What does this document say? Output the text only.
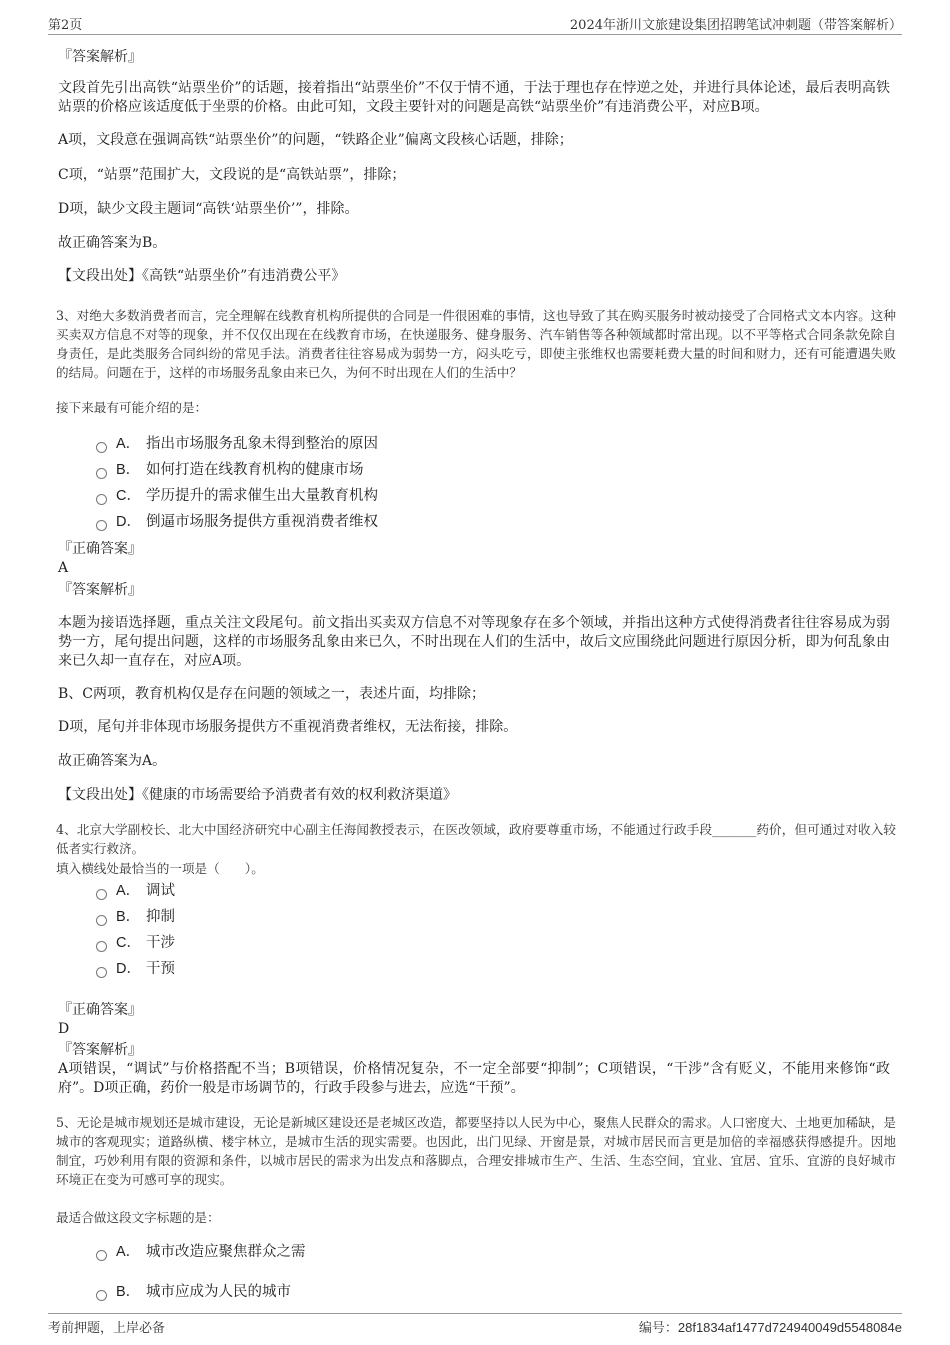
第2页	2024年浙川文旅建设集团招聘笔试冲刺题（带答案解析）
『答案解析』
文段首先引出高铁“站票坐价”的话题，接着指出“站票坐价”不仅于情不通，于法于理也存在悖逆之处，并进行具体论述，最后表明高铁站票的价格应该适度低于坐票的价格。由此可知，文段主要针对的问题是高铁“站票坐价”有违消费公平，对应B项。
A项，文段意在强调高铁“站票坐价”的问题，“铁路企业”偏离文段核心话题，排除；
C项，“站票”范围扩大，文段说的是“高铁站票”，排除；
D项，缺少文段主题词“高铁‘站票坐价’”，排除。
故正确答案为B。
【文段出处】《高铁“站票坐价”有违消费公平》
3、对绝大多数消费者而言，完全理解在线教育机构所提供的合同是一件很困难的事情，这也导致了其在购买服务时被动接受了合同格式文本内容。这种买卖双方信息不对等的现象，并不仅仅出现在在线教育市场，在快递服务、健身服务、汽车销售等各种领域都时常出现。以不平等格式合同条款免除自身责任，是此类服务合同纠纷的常见手法。消费者往往容易成为弱势一方，闷头吃亏，即使主张维权也需要耗费大量的时间和财力，还有可能遭遇失败的结局。问题在于，这样的市场服务乱象由来已久，为何不时出现在人们的生活中？
接下来最有可能介绍的是：
A． 指出市场服务乱象未得到整治的原因
B． 如何打造在线教育机构的健康市场
C． 学历提升的需求催生出大量教育机构
D． 倒逼市场服务提供方重视消费者维权
『正确答案』
A
『答案解析』
本题为接语选择题，重点关注文段尾句。前文指出买卖双方信息不对等现象存在多个领域，并指出这种方式使得消费者往往容易成为弱势一方，尾句提出问题，这样的市场服务乱象由来已久，不时出现在人们的生活中，故后文应围绕此问题进行原因分析，即为何乱象由来已久却一直存在，对应A项。
B、C两项，教育机构仅是存在问题的领域之一，表述片面，均排除；
D项，尾句并非体现市场服务提供方不重视消费者维权，无法衔接，排除。
故正确答案为A。
【文段出处】《健康的市场需要给予消费者有效的权利救济渠道》
4、北京大学副校长、北大中国经济研究中心副主任海闻教授表示，在医改领域，政府要尊重市场，不能通过行政手段_______药价，但可通过对收入较低者实行救济。
填入横线处最恰当的一项是（　　）。
A． 调试
B． 抑制
C． 干涉
D． 干预
『正确答案』
D
『答案解析』
A项错误，“调试”与价格搭配不当；B项错误，价格情况复杂，不一定全部要“抑制”；C项错误，“干涉”含有贬义，不能用来修饰“政府”。D项正确，药价一般是市场调节的，行政手段参与进去，应选“干预”。
5、无论是城市规划还是城市建设，无论是新城区建设还是老城区改造，都要坚持以人民为中心，聚焦人民群众的需求。人口密度大、土地更加稀缺，是城市的客观现实；道路纵横、楼宇林立，是城市生活的现实需要。也因此，出门见绿、开窗是景，对城市居民而言更是加倍的幸福感获得感提升。因地制宜，巧妙利用有限的资源和条件，以城市居民的需求为出发点和落脚点，合理安排城市生产、生活、生态空间，宜业、宜居、宜乐、宜游的良好城市环境正在变为可感可享的现实。
最适合做这段文字标题的是：
A． 城市改造应聚焦群众之需
B． 城市应成为人民的城市
考前押题，上岸必备	编号：28f1834af1477d724940049d5548084e
